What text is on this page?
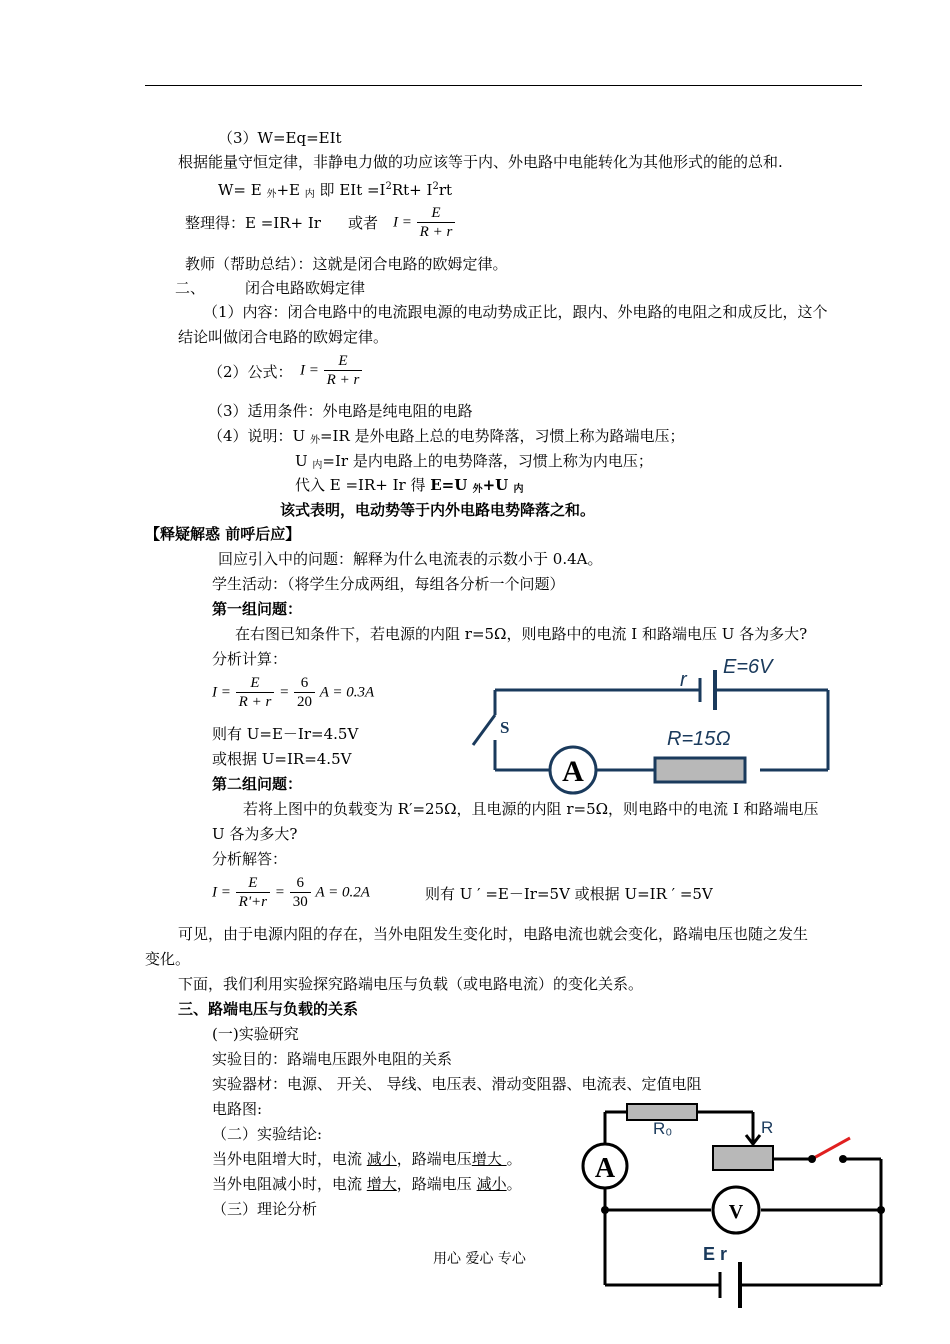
（3）W=Eq=EIt
根据能量守恒定律，非静电力做的功应该等于内、外电路中电能转化为其他形式的能的总和.
W= E $_外$+E $_内$ 即 EIt $=I^2Rt+ I^2rt$
整理得：E =IR+ Ir 或者 $I = \frac{E}{R + r}$
教师（帮助总结）：这就是闭合电路的欧姆定律。
二、	闭合电路欧姆定律
（1）内容：闭合电路中的电流跟电源的电动势成正比，跟内、外电路的电阻之和成反比，这个
结论叫做闭合电路的欧姆定律。
（2）公式： $I = \frac{E}{R + r}$
（3）适用条件：外电路是纯电阻的电路
（4）说明：U $_外$=IR 是外电路上总的电势降落，习惯上称为路端电压；
U $_内$=Ir 是内电路上的电势降落，习惯上称为内电压；
代入 E =IR+ Ir 得 E=U $_外$+U $_内$
该式表明，电动势等于内外电路电势降落之和。
【释疑解惑 前呼后应】
回应引入中的问题：解释为什么电流表的示数小于 0.4A。
学生活动：（将学生分成两组，每组各分析一个问题）
第一组问题：
在右图已知条件下，若电源的内阻 r=5Ω，则电路中的电流 I 和路端电压 U 各为多大?
分析计算：
$I = \frac{E}{R + r} = \frac{6}{20}$ A = 0.3A
则有 U=E－Ir=4.5V
或根据 U=IR=4.5V
第二组问题：
若将上图中的负载变为 R′=25Ω，且电源的内阻 r=5Ω，则电路中的电流 I 和路端电压
U 各为多大?
分析解答：
$I = \frac{E}{R'+r} = \frac{6}{30}$ A = 0.2A	则有 U ′ =E－Ir=5V 或根据 U=IR ′ =5V
可见，由于电源内阻的存在，当外电阻发生变化时，电路电流也就会变化，路端电压也随之发生
变化。
下面，我们利用实验探究路端电压与负载（或电路电流）的变化关系。
三、路端电压与负载的关系
(一)实验研究
实验目的：路端电压跟外电阻的关系
实验器材：电源、 开关、 导线、电压表、滑动变阻器、电流表、定值电阻
电路图:
（二）实验结论:
当外电阻增大时，电流 减小，路端电压增大 。
当外电阻减小时，电流 增大，路端电压 减小。
（三）理论分析
用心 爱心 专心
A
r
E=6V
S
R=15Ω
A
V
R₀	R
E r
